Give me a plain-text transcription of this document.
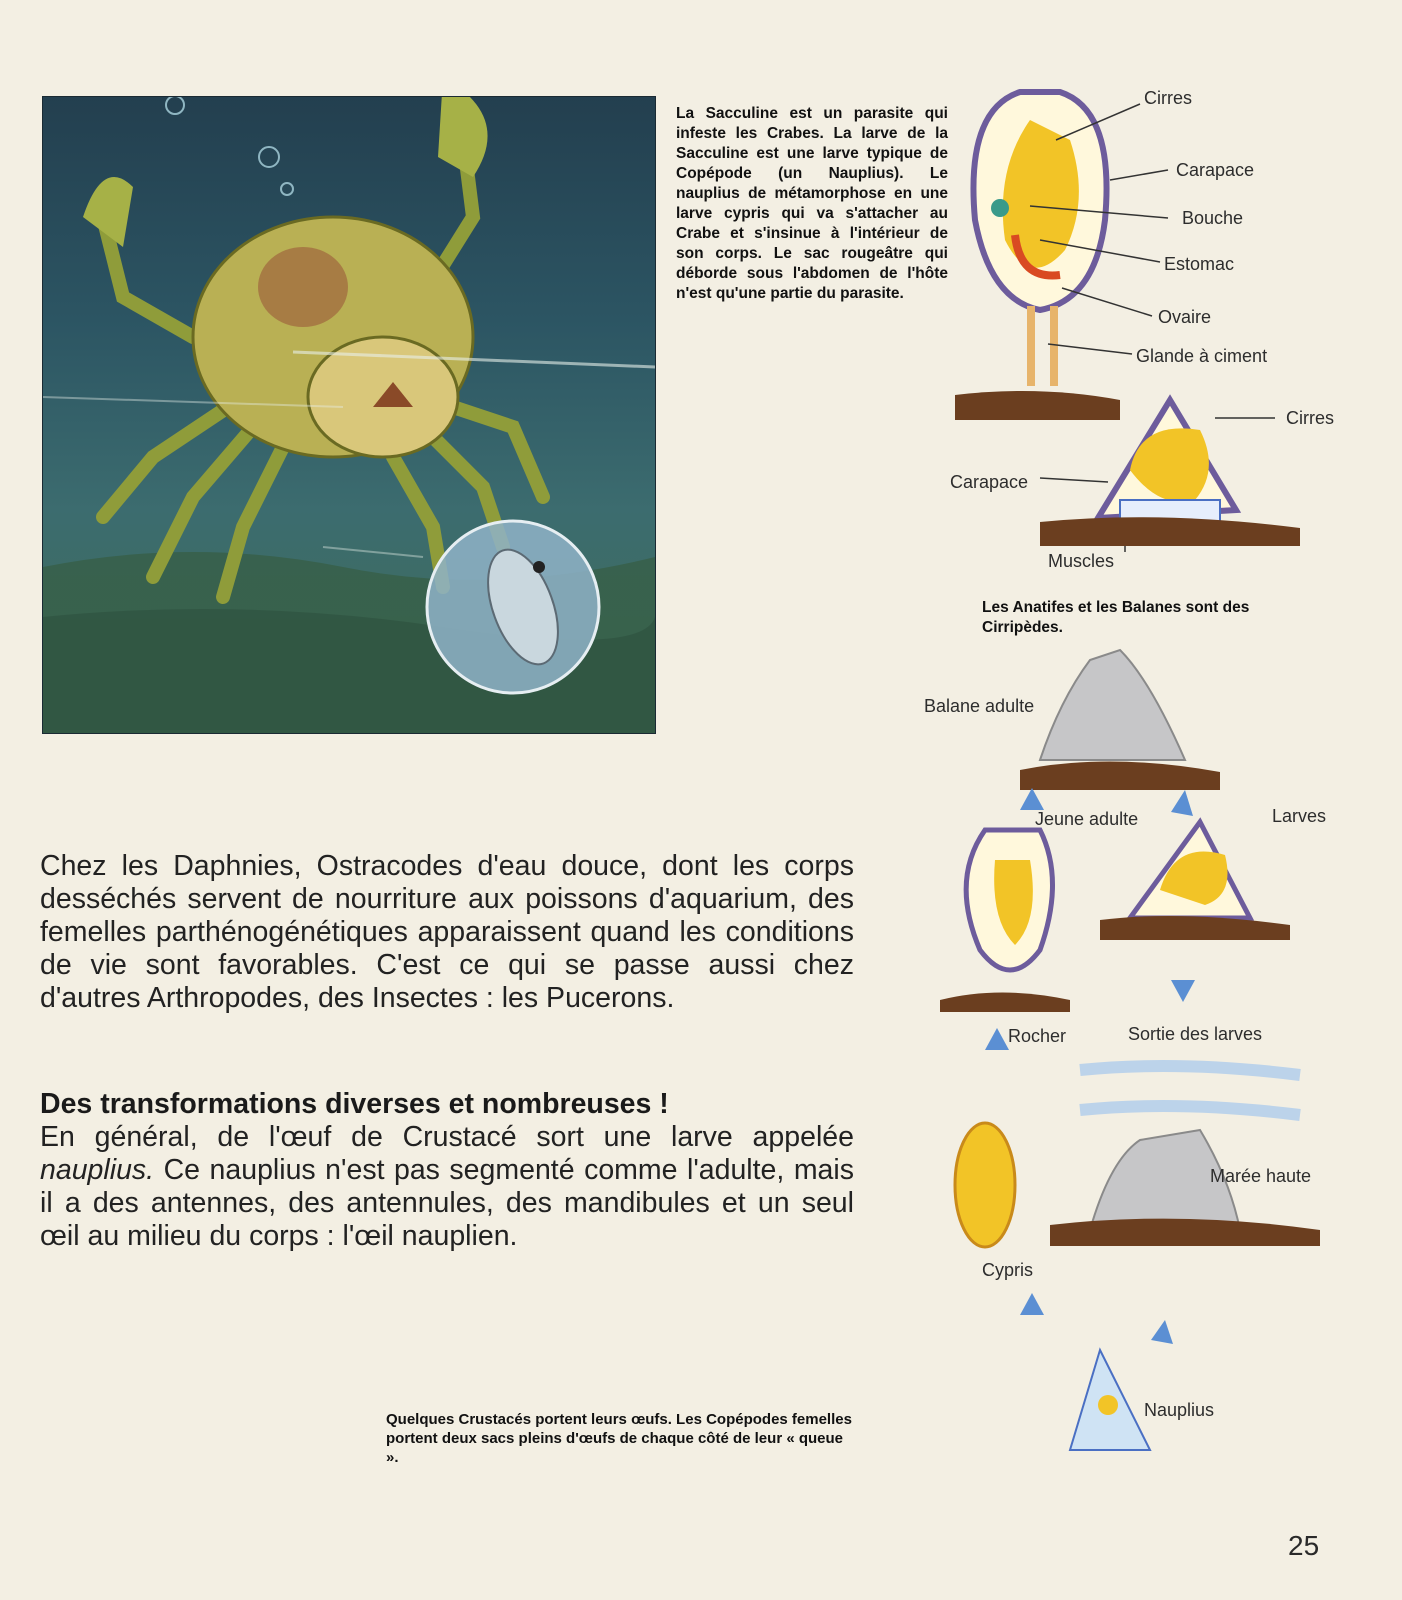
La Sacculine est un parasite qui infeste les Crabes. La larve de la Sacculine est une larve typique de Copépode (un Nauplius). Le nauplius de métamorphose en une larve cypris qui va s'attacher au Crabe et s'insinue à l'intérieur de son corps. Le sac rougeâtre qui déborde sous l'abdomen de l'hôte n'est qu'une partie du parasite.
Cirres
Carapace
Bouche
Estomac
Ovaire
Glande à ciment
Cirres
Carapace
Muscles
Les Anatifes et les Balanes sont des Cirripèdes.
Balane adulte
Jeune adulte	Larves
Rocher	Sortie des larves
Marée haute
Cypris
Nauplius
Chez les Daphnies, Ostracodes d'eau douce, dont les corps desséchés servent de nourriture aux poissons d'aquarium, des femelles parthénogénétiques apparaissent quand les conditions de vie sont favorables. C'est ce qui se passe aussi chez d'autres Arthropodes, des Insectes : les Pucerons.
Des transformations diverses et nombreuses !
En général, de l'œuf de Crustacé sort une larve appelée nauplius. Ce nauplius n'est pas segmenté comme l'adulte, mais il a des antennes, des antennules, des mandibules et un seul œil au milieu du corps : l'œil nauplien.
Quelques Crustacés portent leurs œufs. Les Copépodes femelles portent deux sacs pleins d'œufs de chaque côté de leur « queue ».
25
